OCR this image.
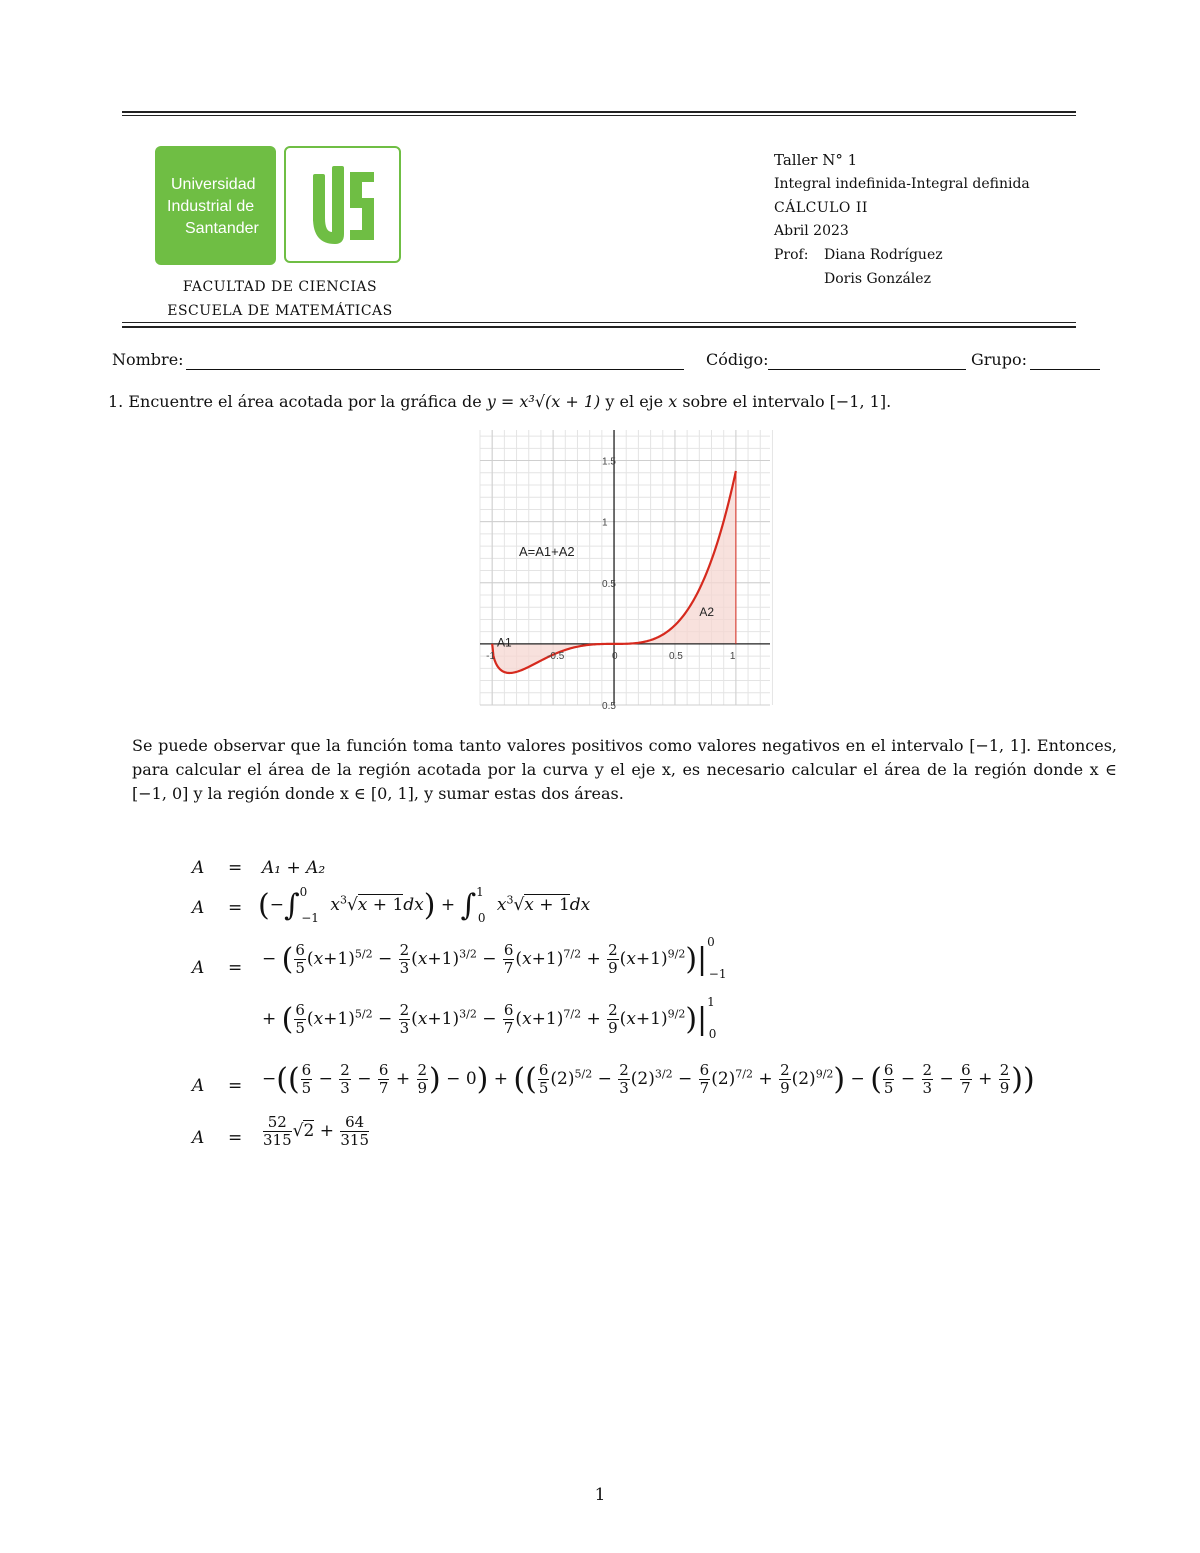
Universidad
Industrial de
Santander
FACULTAD DE CIENCIAS
ESCUELA DE MATEMÁTICAS
Taller N° 1
Integral indefinida-Integral definida
CÁLCULO II
Abril 2023
Prof: Diana Rodríguez
Doris González
Nombre:	Código:	Grupo:
1. Encuentre el área acotada por la gráfica de y = x³√(x + 1) y el eje x sobre el intervalo [−1, 1].
-1	-0.5	0	0.5	1
1.5
1
0.5
0.5
A=A1+A2
A1
A2
Se puede observar que la función toma tanto valores positivos como valores negativos en el intervalo [−1, 1]. Entonces, para calcular el área de la región acotada por la curva y el eje x, es necesario calcular el área de la región donde x ∈ [−1, 0] y la región donde x ∈ [0, 1], y sumar estas dos áreas.
A = A₁ + A₂
A = (−∫$^0_{-1}$ $x^3√x + 1dx) + \int^1_0$ $x^3√x + 1dx$
A = − ( $\frac{6}{5} (x+1)^{5/2} - \frac{2}{3} (x+1)^{3/2} - \frac{6}{7} (x+1)^{7/2} + \frac{2}{9} (x+1)^{9/2})|^0_{-1}$
+ ( $\frac{6}{5} (x+1)^{5/2} - \frac{2}{3} (x+1)^{3/2} - \frac{6}{7} (x+1)^{7/2} + \frac{2}{9} (x+1)^{9/2})|^1_0$
A = −(( $\frac{6}{5} - \frac{2}{3} - \frac{6}{7} + \frac{2}{9}$ ) − 0) + (( $\frac{6}{5} (2)^{5/2} - \frac{2}{3} (2)^{3/2} - \frac{6}{7} (2)^{7/2} + \frac{2}{9} (2)^{9/2}$) − ( $\frac{6}{5} - \frac{2}{3} - \frac{6}{7} + \frac{2}{9}$ ))
$A = \frac{52}{315} √2 + \frac{64}{315}$
1
